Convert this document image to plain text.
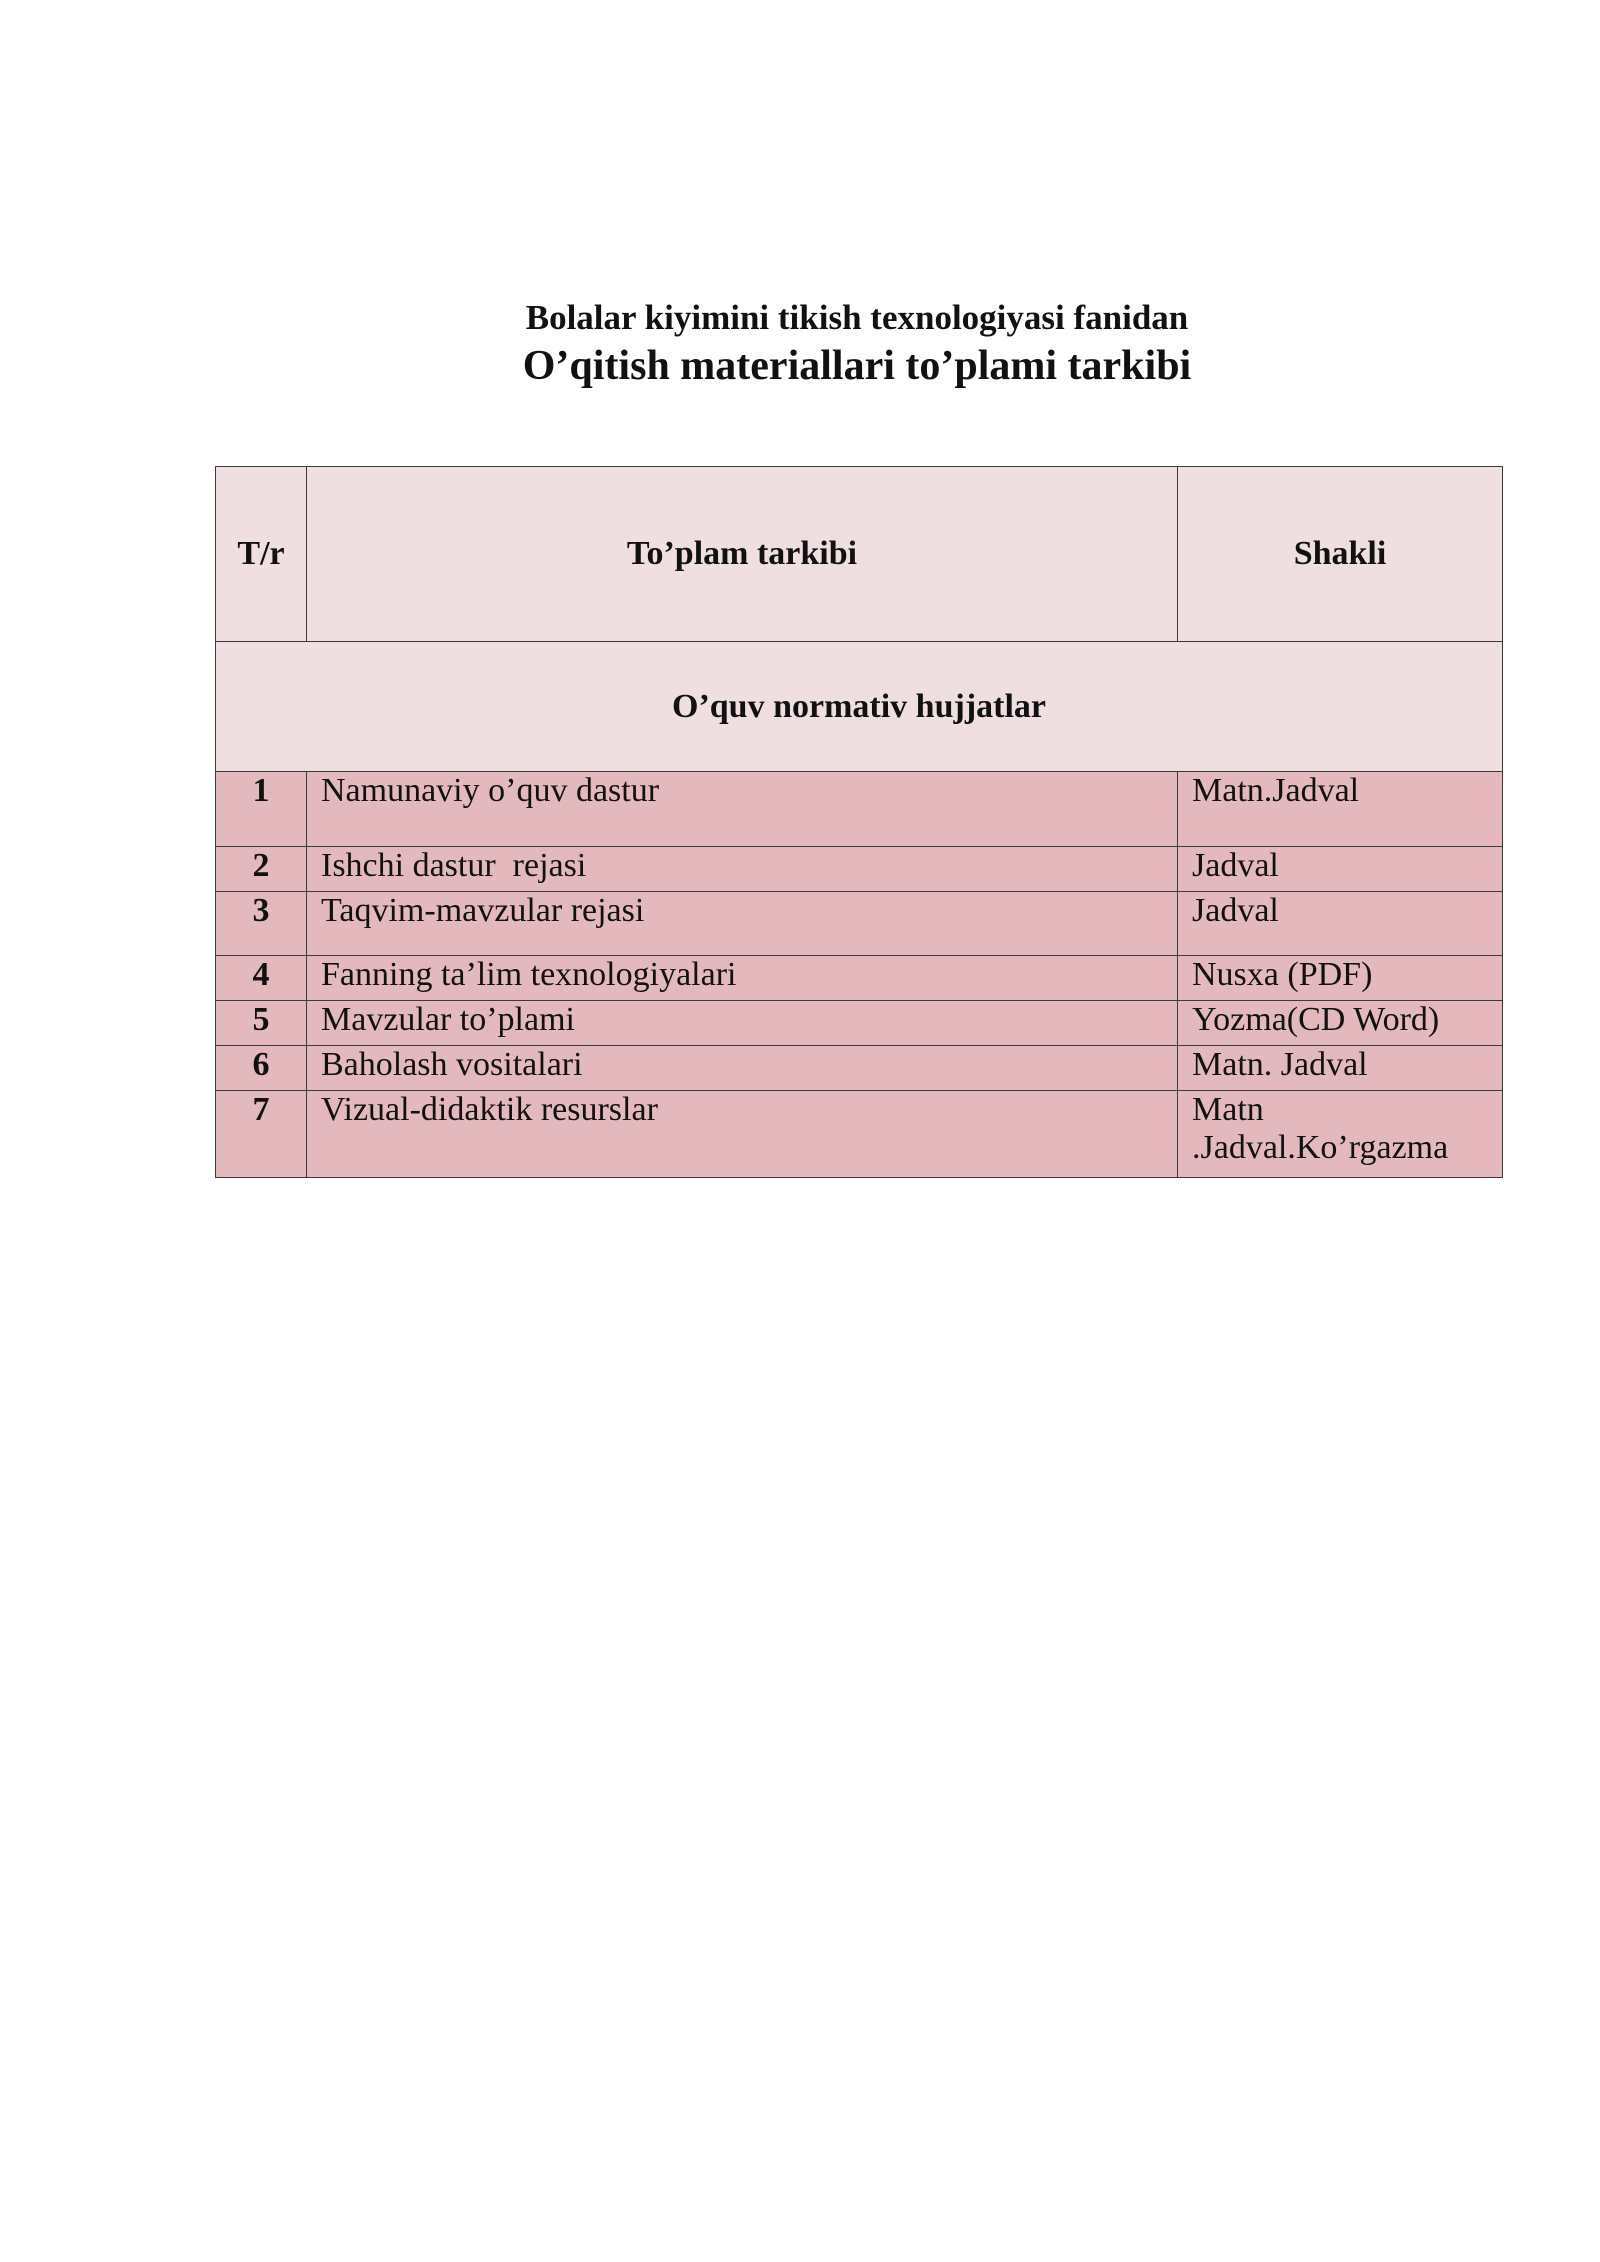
Bolalar kiyimini tikish texnologiyasi fanidan

O’qitish materiallari to’plami tarkibi

T/r	To’plam tarkibi	Shakli
O’quv normativ hujjatlar		
1	Namunaviy o’quv dastur	Matn.Jadval

2	Ishchi dastur  rejasi	Jadval

3	Taqvim-mavzular rejasi	Jadval

4	Fanning ta’lim texnologiyalari	Nusxa (PDF)

5	Mavzular to’plami	Yozma(CD Word)

6	Baholash vositalari	Matn. Jadval

7	Vizual-didaktik resurslar	Matn
.Jadval.Ko’rgazma
